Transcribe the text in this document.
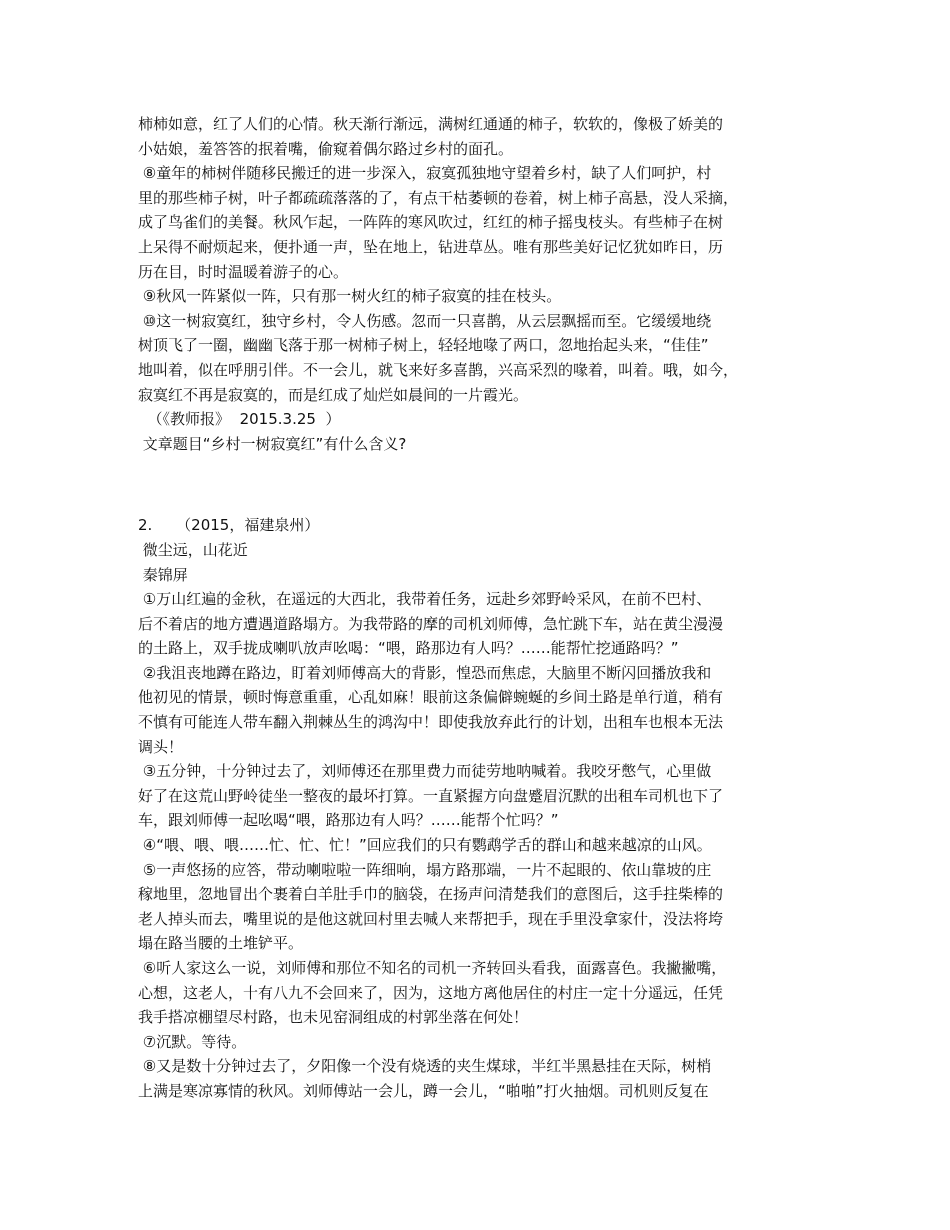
柿柿如意，红了人们的心情。秋天渐行渐远，满树红通通的柿子，软软的，像极了娇美的

小姑娘，羞答答的抿着嘴，偷窥着偶尔路过乡村的面孔。

⑧童年的柿树伴随移民搬迁的进一步深入，寂寞孤独地守望着乡村，缺了人们呵护，村

里的那些柿子树，叶子都疏疏落落的了，有点干枯萎顿的卷着，树上柿子高悬，没人采摘，

成了鸟雀们的美餐。秋风乍起，一阵阵的寒风吹过，红红的柿子摇曳枝头。有些柿子在树

上呆得不耐烦起来，便扑通一声，坠在地上，钻进草丛。唯有那些美好记忆犹如昨日，历

历在目，时时温暖着游子的心。

⑨秋风一阵紧似一阵，只有那一树火红的柿子寂寞的挂在枝头。

⑩这一树寂寞红，独守乡村，令人伤感。忽而一只喜鹊，从云层飘摇而至。它缓缓地绕

树顶飞了一圈，幽幽飞落于那一树柿子树上，轻轻地喙了两口，忽地抬起头来，“佳佳”

地叫着，似在呼朋引伴。不一会儿，就飞来好多喜鹊，兴高采烈的喙着，叫着。哦，如今，

寂寞红不再是寂寞的，而是红成了灿烂如晨间的一片霞光。

（《教师报》  2015.3.25  ）

文章题目“乡村一树寂寞红”有什么含义?

2.     （2015，福建泉州）

微尘远，山花近

秦锦屏

①万山红遍的金秋，在遥远的大西北，我带着任务，远赴乡郊野岭采风，在前不巴村、

后不着店的地方遭遇道路塌方。为我带路的摩的司机刘师傅，急忙跳下车，站在黄尘漫漫

的土路上，双手拢成喇叭放声吆喝：“喂，路那边有人吗？……能帮忙挖通路吗？”

②我沮丧地蹲在路边，盯着刘师傅高大的背影，惶恐而焦虑，大脑里不断闪回播放我和

他初见的情景，顿时悔意重重，心乱如麻！眼前这条偏僻蜿蜒的乡间土路是单行道，稍有

不慎有可能连人带车翻入荆棘丛生的鸿沟中！即使我放弃此行的计划，出租车也根本无法

调头！

③五分钟，十分钟过去了，刘师傅还在那里费力而徒劳地呐喊着。我咬牙憋气，心里做

好了在这荒山野岭徒坐一整夜的最坏打算。一直紧握方向盘蹙眉沉默的出租车司机也下了

车，跟刘师傅一起吆喝“喂，路那边有人吗？……能帮个忙吗？”

④“喂、喂、喂……忙、忙、忙！”回应我们的只有鹦鹉学舌的群山和越来越凉的山风。

⑤一声悠扬的应答，带动喇啦啦一阵细响，塌方路那端，一片不起眼的、依山靠坡的庄

稼地里，忽地冒出个裹着白羊肚手巾的脑袋，在扬声问清楚我们的意图后，这手拄柴棒的

老人掉头而去，嘴里说的是他这就回村里去喊人来帮把手，现在手里没拿家什，没法将垮

塌在路当腰的土堆铲平。

⑥听人家这么一说，刘师傅和那位不知名的司机一齐转回头看我，面露喜色。我撇撇嘴，

心想，这老人，十有八九不会回来了，因为，这地方离他居住的村庄一定十分遥远，任凭

我手搭凉棚望尽村路，也未见窑洞组成的村郭坐落在何处！

⑦沉默。等待。

⑧又是数十分钟过去了，夕阳像一个没有烧透的夹生煤球，半红半黑悬挂在天际，树梢

上满是寒凉寡情的秋风。刘师傅站一会儿，蹲一会儿，“啪啪”打火抽烟。司机则反复在
